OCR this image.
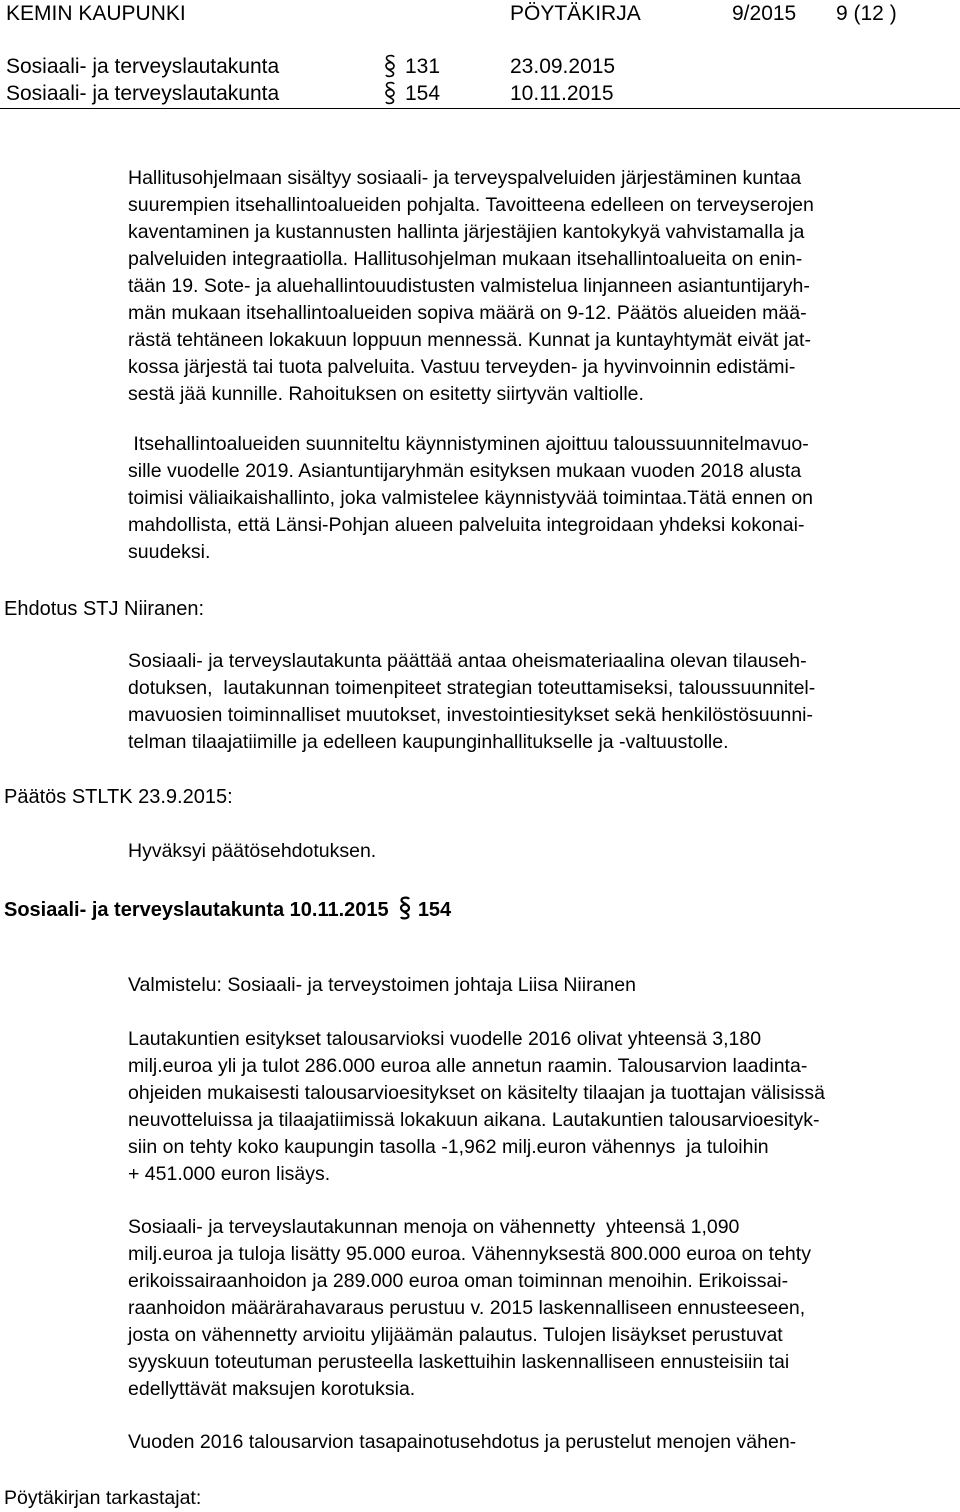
KEMIN KAUPUNKI	PÖYTÄKIRJA	9/2015 9 (12 )
Sosiaali- ja terveyslautakunta	131	23.09.2015
Sosiaali- ja terveyslautakunta	154	10.11.2015
Hallitusohjelmaan sisältyy sosiaali- ja terveyspalveluiden järjestäminen kuntaa
suurempien itsehallintoalueiden pohjalta. Tavoitteena edelleen on terveyserojen
kaventaminen ja kustannusten hallinta järjestäjien kantokykyä vahvistamalla ja
palveluiden integraatiolla. Hallitusohjelman mukaan itsehallintoalueita on enin-
tään 19. Sote- ja aluehallintouudistusten valmistelua linjanneen asiantuntijaryh-
män mukaan itsehallintoalueiden sopiva määrä on 9-12. Päätös alueiden mää-
rästä tehtäneen lokakuun loppuun mennessä. Kunnat ja kuntayhtymät eivät jat-
kossa järjestä tai tuota palveluita. Vastuu terveyden- ja hyvinvoinnin edistämi-
sestä jää kunnille. Rahoituksen on esitetty siirtyvän valtiolle.
Itsehallintoalueiden suunniteltu käynnistyminen ajoittuu taloussuunnitelmavuo-
sille vuodelle 2019. Asiantuntijaryhmän esityksen mukaan vuoden 2018 alusta
toimisi väliaikaishallinto, joka valmistelee käynnistyvää toimintaa.Tätä ennen on
mahdollista, että Länsi-Pohjan alueen palveluita integroidaan yhdeksi kokonai-
suudeksi.
Ehdotus STJ Niiranen:
Sosiaali- ja terveyslautakunta päättää antaa oheismateriaalina olevan tilauseh-
dotuksen,  lautakunnan toimenpiteet strategian toteuttamiseksi, taloussuunnitel-
mavuosien toiminnalliset muutokset, investointiesitykset sekä henkilöstösuunni-
telman tilaajatiimille ja edelleen kaupunginhallitukselle ja -valtuustolle.
Päätös STLTK 23.9.2015:
Hyväksyi päätösehdotuksen.
Sosiaali- ja terveyslautakunta 10.11.2015 154
Valmistelu: Sosiaali- ja terveystoimen johtaja Liisa Niiranen
Lautakuntien esitykset talousarvioksi vuodelle 2016 olivat yhteensä 3,180
milj.euroa yli ja tulot 286.000 euroa alle annetun raamin. Talousarvion laadinta-
ohjeiden mukaisesti talousarvioesitykset on käsitelty tilaajan ja tuottajan välisissä
neuvotteluissa ja tilaajatiimissä lokakuun aikana. Lautakuntien talousarvioesityk-
siin on tehty koko kaupungin tasolla -1,962 milj.euron vähennys  ja tuloihin
+ 451.000 euron lisäys.
Sosiaali- ja terveyslautakunnan menoja on vähennetty  yhteensä 1,090
milj.euroa ja tuloja lisätty 95.000 euroa. Vähennyksestä 800.000 euroa on tehty
erikoissairaanhoidon ja 289.000 euroa oman toiminnan menoihin. Erikoissai-
raanhoidon määrärahavaraus perustuu v. 2015 laskennalliseen ennusteeseen,
josta on vähennetty arvioitu ylijäämän palautus. Tulojen lisäykset perustuvat
syyskuun toteutuman perusteella laskettuihin laskennalliseen ennusteisiin tai
edellyttävät maksujen korotuksia.
Vuoden 2016 talousarvion tasapainotusehdotus ja perustelut menojen vähen-
Pöytäkirjan tarkastajat:
